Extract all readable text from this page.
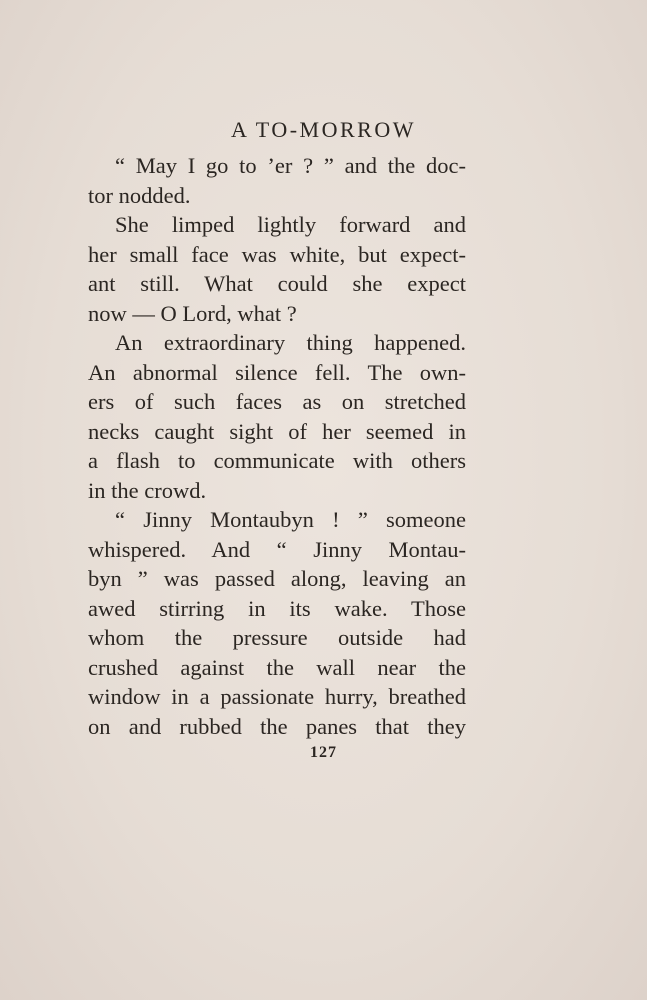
A TO-MORROW
“ May I go to ’er ? ” and the doc-
tor nodded.
She limped lightly forward and
her small face was white, but expect-
ant still. What could she expect
now — O Lord, what ?
An extraordinary thing happened.
An abnormal silence fell. The own-
ers of such faces as on stretched
necks caught sight of her seemed in
a flash to communicate with others
in the crowd.
“ Jinny Montaubyn ! ” someone
whispered. And “ Jinny Montau-
byn ” was passed along, leaving an
awed stirring in its wake. Those
whom the pressure outside had
crushed against the wall near the
window in a passionate hurry, breathed
on and rubbed the panes that they
127
